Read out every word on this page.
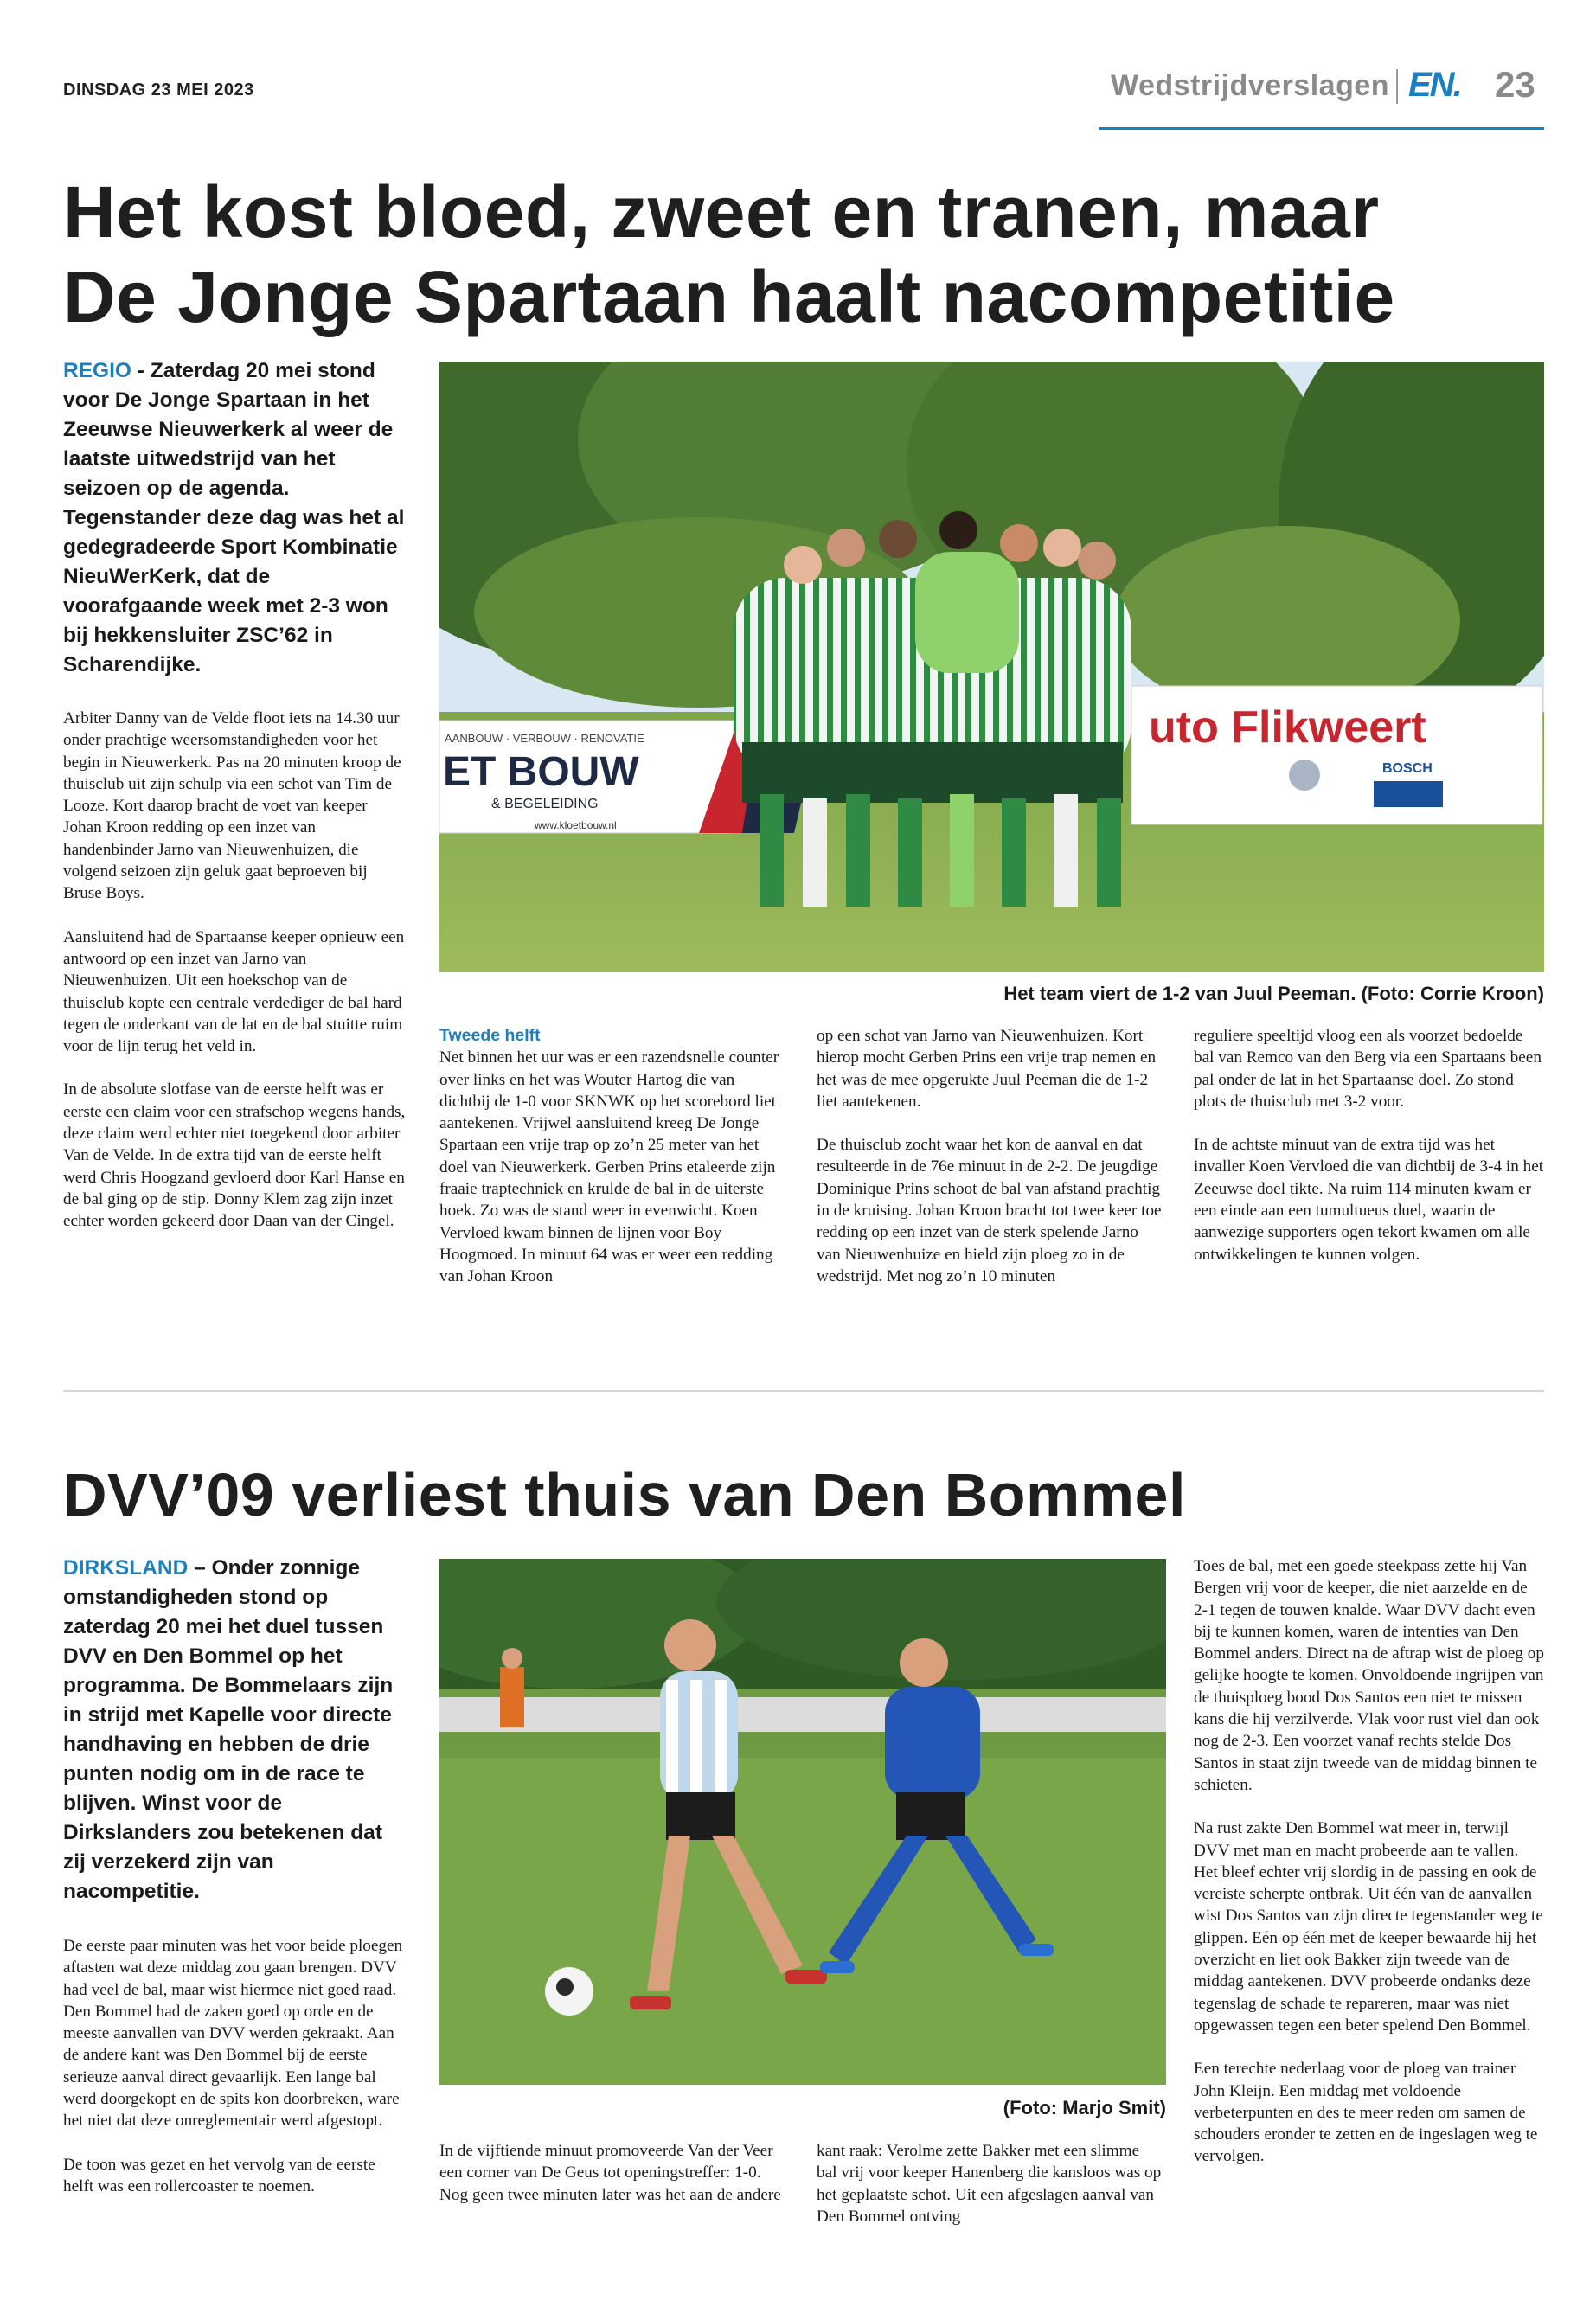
DINSDAG 23 MEI 2023	Wedstrijdverslagen EN. 23
Het kost bloed, zweet en tranen, maar
De Jonge Spartaan haalt nacompetitie
REGIO - Zaterdag 20 mei stond voor De Jonge Spartaan in het Zeeuwse Nieuwerkerk al weer de laatste uitwedstrijd van het seizoen op de agenda. Tegenstander deze dag was het al gedegradeerde Sport Kombinatie NieuWerKerk, dat de voorafgaande week met 2-3 won bij hekkensluiter ZSC’62 in Scharendijke.

Arbiter Danny van de Velde floot iets na 14.30 uur onder prachtige weersomstandigheden voor het begin in Nieuwerkerk. Pas na 20 minuten kroop de thuisclub uit zijn schulp via een schot van Tim de Looze. Kort daarop bracht de voet van keeper Johan Kroon redding op een inzet van handenbinder Jarno van Nieuwenhuizen, die volgend seizoen zijn geluk gaat beproeven bij Bruse Boys.

Aansluitend had de Spartaanse keeper opnieuw een antwoord op een inzet van Jarno van Nieuwenhuizen. Uit een hoekschop van de thuisclub kopte een centrale verdediger de bal hard tegen de onderkant van de lat en de bal stuitte ruim voor de lijn terug het veld in.

In de absolute slotfase van de eerste helft was er eerste een claim voor een strafschop wegens hands, deze claim werd echter niet toegekend door arbiter Van de Velde. In de extra tijd van de eerste helft werd Chris Hoogzand gevloerd door Karl Hanse en de bal ging op de stip. Donny Klem zag zijn inzet echter worden gekeerd door Daan van der Cingel.

AANBOUW · VERBOUW · RENOVATIE
ET BOUW
& BEGELEIDING
www.kloetbouw.nl
uto Flikweert
BOSCH
Het team viert de 1-2 van Juul Peeman. (Foto: Corrie Kroon)
Tweede helft

Net binnen het uur was er een razendsnelle counter over links en het was Wouter Hartog die van dichtbij de 1-0 voor SKNWK op het scorebord liet aantekenen. Vrijwel aansluitend kreeg De Jonge Spartaan een vrije trap op zo’n 25 meter van het doel van Nieuwerkerk. Gerben Prins etaleerde zijn fraaie traptechniek en krulde de bal in de uiterste hoek. Zo was de stand weer in evenwicht. Koen Vervloed kwam binnen de lijnen voor Boy Hoogmoed. In minuut 64 was er weer een redding van Johan Kroon

op een schot van Jarno van Nieuwenhuizen. Kort hierop mocht Gerben Prins een vrije trap nemen en het was de mee opgerukte Juul Peeman die de 1-2 liet aantekenen.

De thuisclub zocht waar het kon de aanval en dat resulteerde in de 76e minuut in de 2-2. De jeugdige Dominique Prins schoot de bal van afstand prachtig in de kruising. Johan Kroon bracht tot twee keer toe redding op een inzet van de sterk spelende Jarno van Nieuwenhuize en hield zijn ploeg zo in de wedstrijd. Met nog zo’n 10 minuten

reguliere speeltijd vloog een als voorzet bedoelde bal van Remco van den Berg via een Spartaans been pal onder de lat in het Spartaanse doel. Zo stond plots de thuisclub met 3-2 voor.

In de achtste minuut van de extra tijd was het invaller Koen Vervloed die van dichtbij de 3-4 in het Zeeuwse doel tikte. Na ruim 114 minuten kwam er een einde aan een tumultueus duel, waarin de aanwezige supporters ogen tekort kwamen om alle ontwikkelingen te kunnen volgen.

DVV’09 verliest thuis van Den Bommel
DIRKSLAND – Onder zonnige omstandigheden stond op zaterdag 20 mei het duel tussen DVV en Den Bommel op het programma. De Bommelaars zijn in strijd met Kapelle voor directe handhaving en hebben de drie punten nodig om in de race te blijven. Winst voor de Dirkslanders zou betekenen dat zij verzekerd zijn van nacompetitie.

De eerste paar minuten was het voor beide ploegen aftasten wat deze middag zou gaan brengen. DVV had veel de bal, maar wist hiermee niet goed raad. Den Bommel had de zaken goed op orde en de meeste aanvallen van DVV werden gekraakt. Aan de andere kant was Den Bommel bij de eerste serieuze aanval direct gevaarlijk. Een lange bal werd doorgekopt en de spits kon doorbreken, ware het niet dat deze onreglementair werd afgestopt.

De toon was gezet en het vervolg van de eerste helft was een rollercoaster te noemen.

(Foto: Marjo Smit)

In de vijftiende minuut promoveerde Van der Veer een corner van De Geus tot openingstreffer: 1-0. Nog geen twee minuten later was het aan de andere

kant raak: Verolme zette Bakker met een slimme bal vrij voor keeper Hanenberg die kansloos was op het geplaatste schot. Uit een afgeslagen aanval van Den Bommel ontving

Toes de bal, met een goede steekpass zette hij Van Bergen vrij voor de keeper, die niet aarzelde en de 2-1 tegen de touwen knalde. Waar DVV dacht even bij te kunnen komen, waren de intenties van Den Bommel anders. Direct na de aftrap wist de ploeg op gelijke hoogte te komen. Onvoldoende ingrijpen van de thuisploeg bood Dos Santos een niet te missen kans die hij verzilverde. Vlak voor rust viel dan ook nog de 2-3. Een voorzet vanaf rechts stelde Dos Santos in staat zijn tweede van de middag binnen te schieten.

Na rust zakte Den Bommel wat meer in, terwijl DVV met man en macht probeerde aan te vallen. Het bleef echter vrij slordig in de passing en ook de vereiste scherpte ontbrak. Uit één van de aanvallen wist Dos Santos van zijn directe tegenstander weg te glippen. Eén op één met de keeper bewaarde hij het overzicht en liet ook Bakker zijn tweede van de middag aantekenen. DVV probeerde ondanks deze tegenslag de schade te repareren, maar was niet opgewassen tegen een beter spelend Den Bommel.

Een terechte nederlaag voor de ploeg van trainer John Kleijn. Een middag met voldoende verbeterpunten en des te meer reden om samen de schouders eronder te zetten en de ingeslagen weg te vervolgen.
